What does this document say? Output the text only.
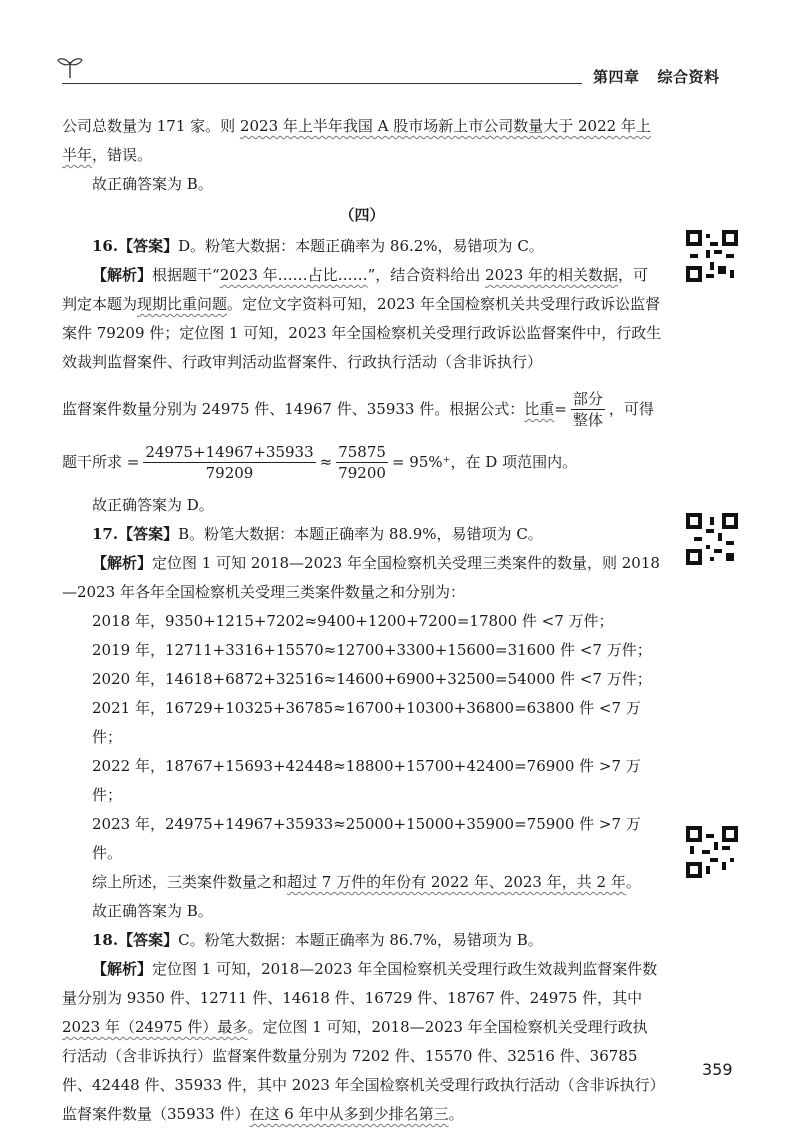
第四章 综合资料

公司总数量为 171 家。则 2023 年上半年我国 A 股市场新上市公司数量大于 2022 年上半年，错误。

故正确答案为 B。

（四）

16.【答案】D。粉笔大数据：本题正确率为 86.2%，易错项为 C。

【解析】根据题干“2023 年……占比……”，结合资料给出 2023 年的相关数据，可判定本题为现期比重问题。定位文字资料可知，2023 年全国检察机关共受理行政诉讼监督案件 79209 件；定位图 1 可知，2023 年全国检察机关受理行政诉讼监督案件中，行政生效裁判监督案件、行政审判活动监督案件、行政执行活动（含非诉执行）

监督案件数量分别为 24975 件、14967 件、35933 件。根据公式： 比重 = $\frac{\text{部分}}{\text{整体}}$ ，可得
题干所求 = $\frac{24975+14967+35933}{79209} \approx \frac{75875}{79200} = 95\%^+$，在 D 项范围内。

故正确答案为 D。

17.【答案】B。粉笔大数据：本题正确率为 88.9%，易错项为 C。

【解析】定位图 1 可知 2018—2023 年全国检察机关受理三类案件的数量，则 2018—2023 年各年全国检察机关受理三类案件数量之和分别为：

2018 年，9350+1215+7202≈9400+1200+7200=17800 件 <7 万件；

2019 年，12711+3316+15570≈12700+3300+15600=31600 件 <7 万件；

2020 年，14618+6872+32516≈14600+6900+32500=54000 件 <7 万件；

2021 年，16729+10325+36785≈16700+10300+36800=63800 件 <7 万件；

2022 年，18767+15693+42448≈18800+15700+42400=76900 件 >7 万件；

2023 年，24975+14967+35933≈25000+15000+35900=75900 件 >7 万件。

综上所述，三类案件数量之和超过 7 万件的年份有 2022 年、2023 年，共 2 年。

故正确答案为 B。

18.【答案】C。粉笔大数据：本题正确率为 86.7%，易错项为 B。

【解析】定位图 1 可知，2018—2023 年全国检察机关受理行政生效裁判监督案件数量分别为 9350 件、12711 件、14618 件、16729 件、18767 件、24975 件，其中 2023 年（24975 件）最多。定位图 1 可知，2018—2023 年全国检察机关受理行政执行活动（含非诉执行）监督案件数量分别为 7202 件、15570 件、32516 件、36785 件、42448 件、35933 件，其中 2023 年全国检察机关受理行政执行活动（含非诉执行）监督案件数量（35933 件）在这 6 年中从多到少排名第三。

359
